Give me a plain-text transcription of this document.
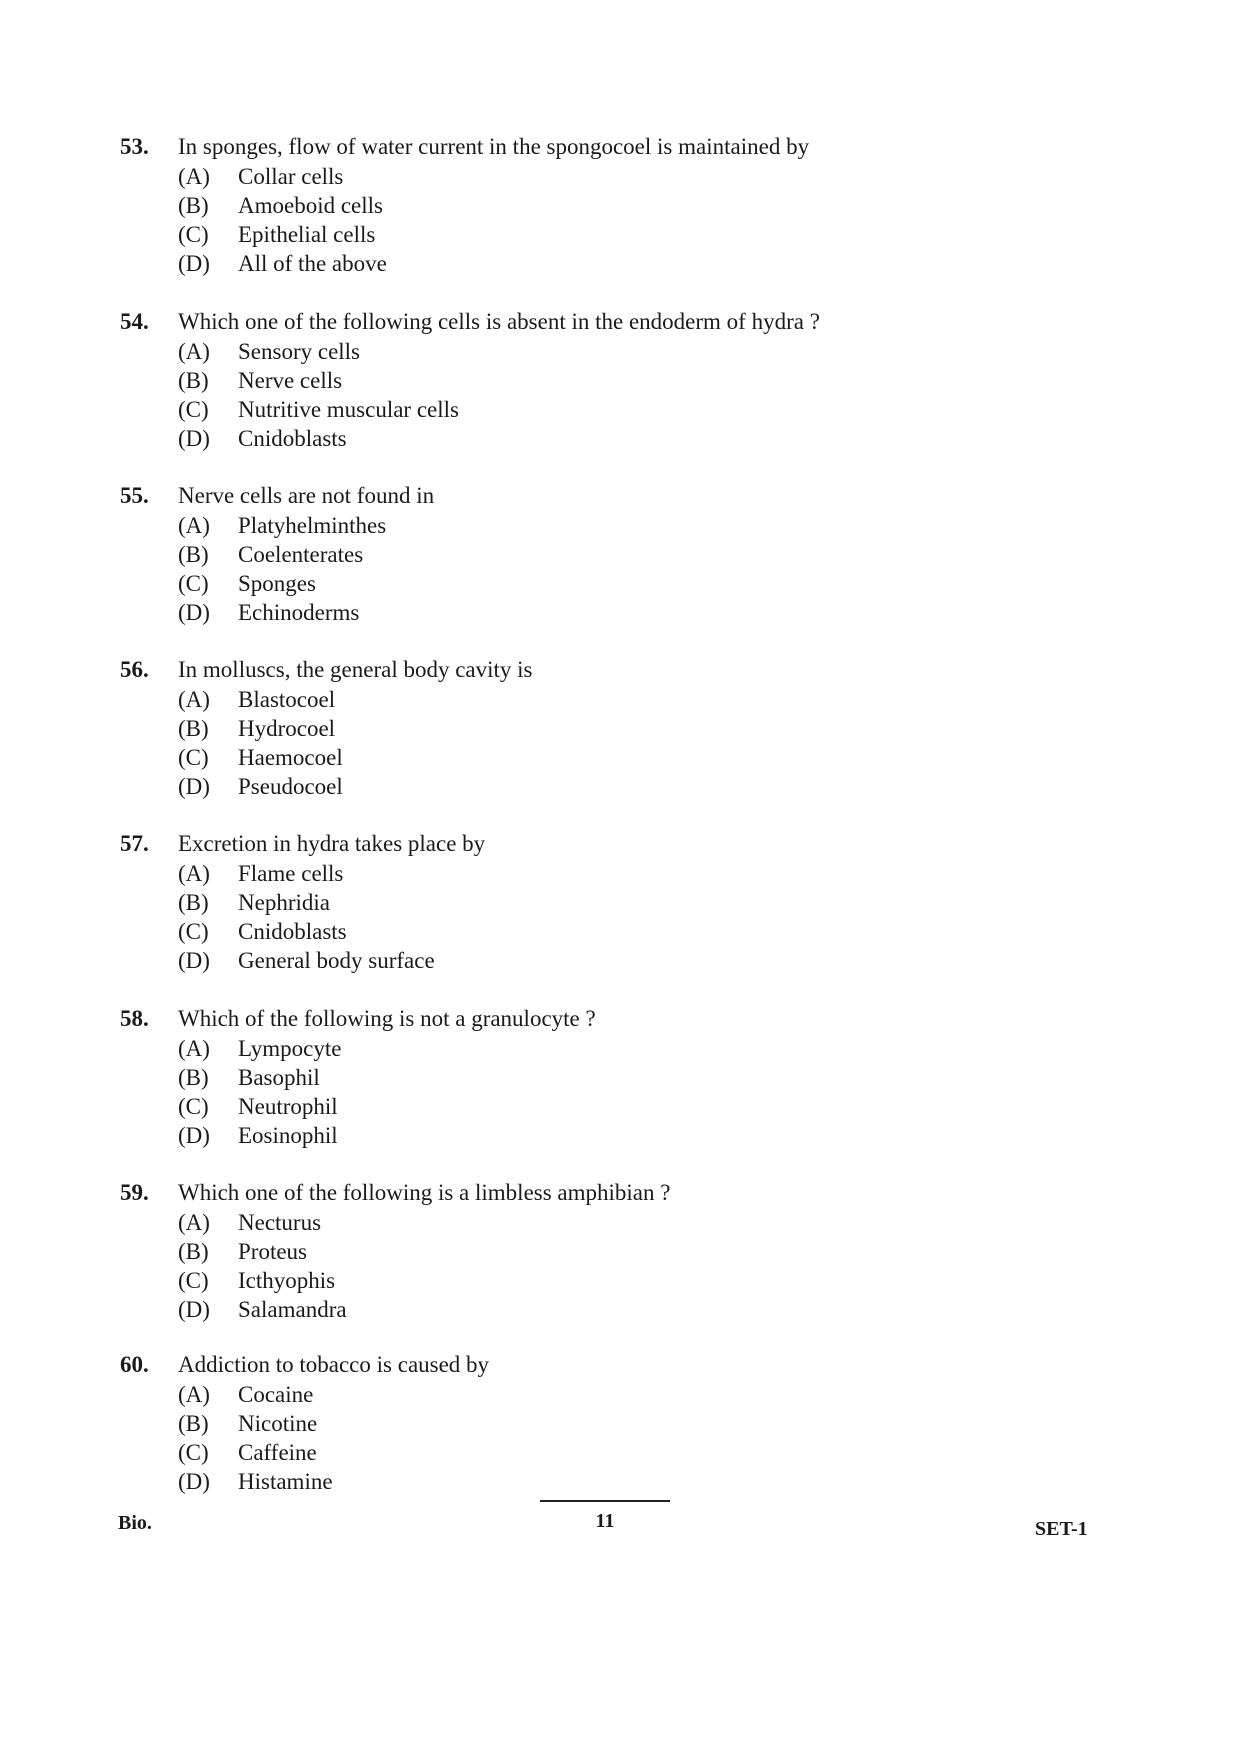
53.	In sponges, flow of water current in the spongocoel is maintained by
(A)	Collar cells
(B)	Amoeboid cells
(C)	Epithelial cells
(D)	All of the above
54.	Which one of the following cells is absent in the endoderm of hydra ?
(A)	Sensory cells
(B)	Nerve cells
(C)	Nutritive muscular cells
(D)	Cnidoblasts
55.	Nerve cells are not found in
(A)	Platyhelminthes
(B)	Coelenterates
(C)	Sponges
(D)	Echinoderms
56.	In molluscs, the general body cavity is
(A)	Blastocoel
(B)	Hydrocoel
(C)	Haemocoel
(D)	Pseudocoel
57.	Excretion in hydra takes place by
(A)	Flame cells
(B)	Nephridia
(C)	Cnidoblasts
(D)	General body surface
58.	Which of the following is not a granulocyte ?
(A)	Lympocyte
(B)	Basophil
(C)	Neutrophil
(D)	Eosinophil
59.	Which one of the following is a limbless amphibian ?
(A)	Necturus
(B)	Proteus
(C)	Icthyophis
(D)	Salamandra
60.	Addiction to tobacco is caused by
(A)	Cocaine
(B)	Nicotine
(C)	Caffeine
(D)	Histamine
Bio.	11	SET-1
